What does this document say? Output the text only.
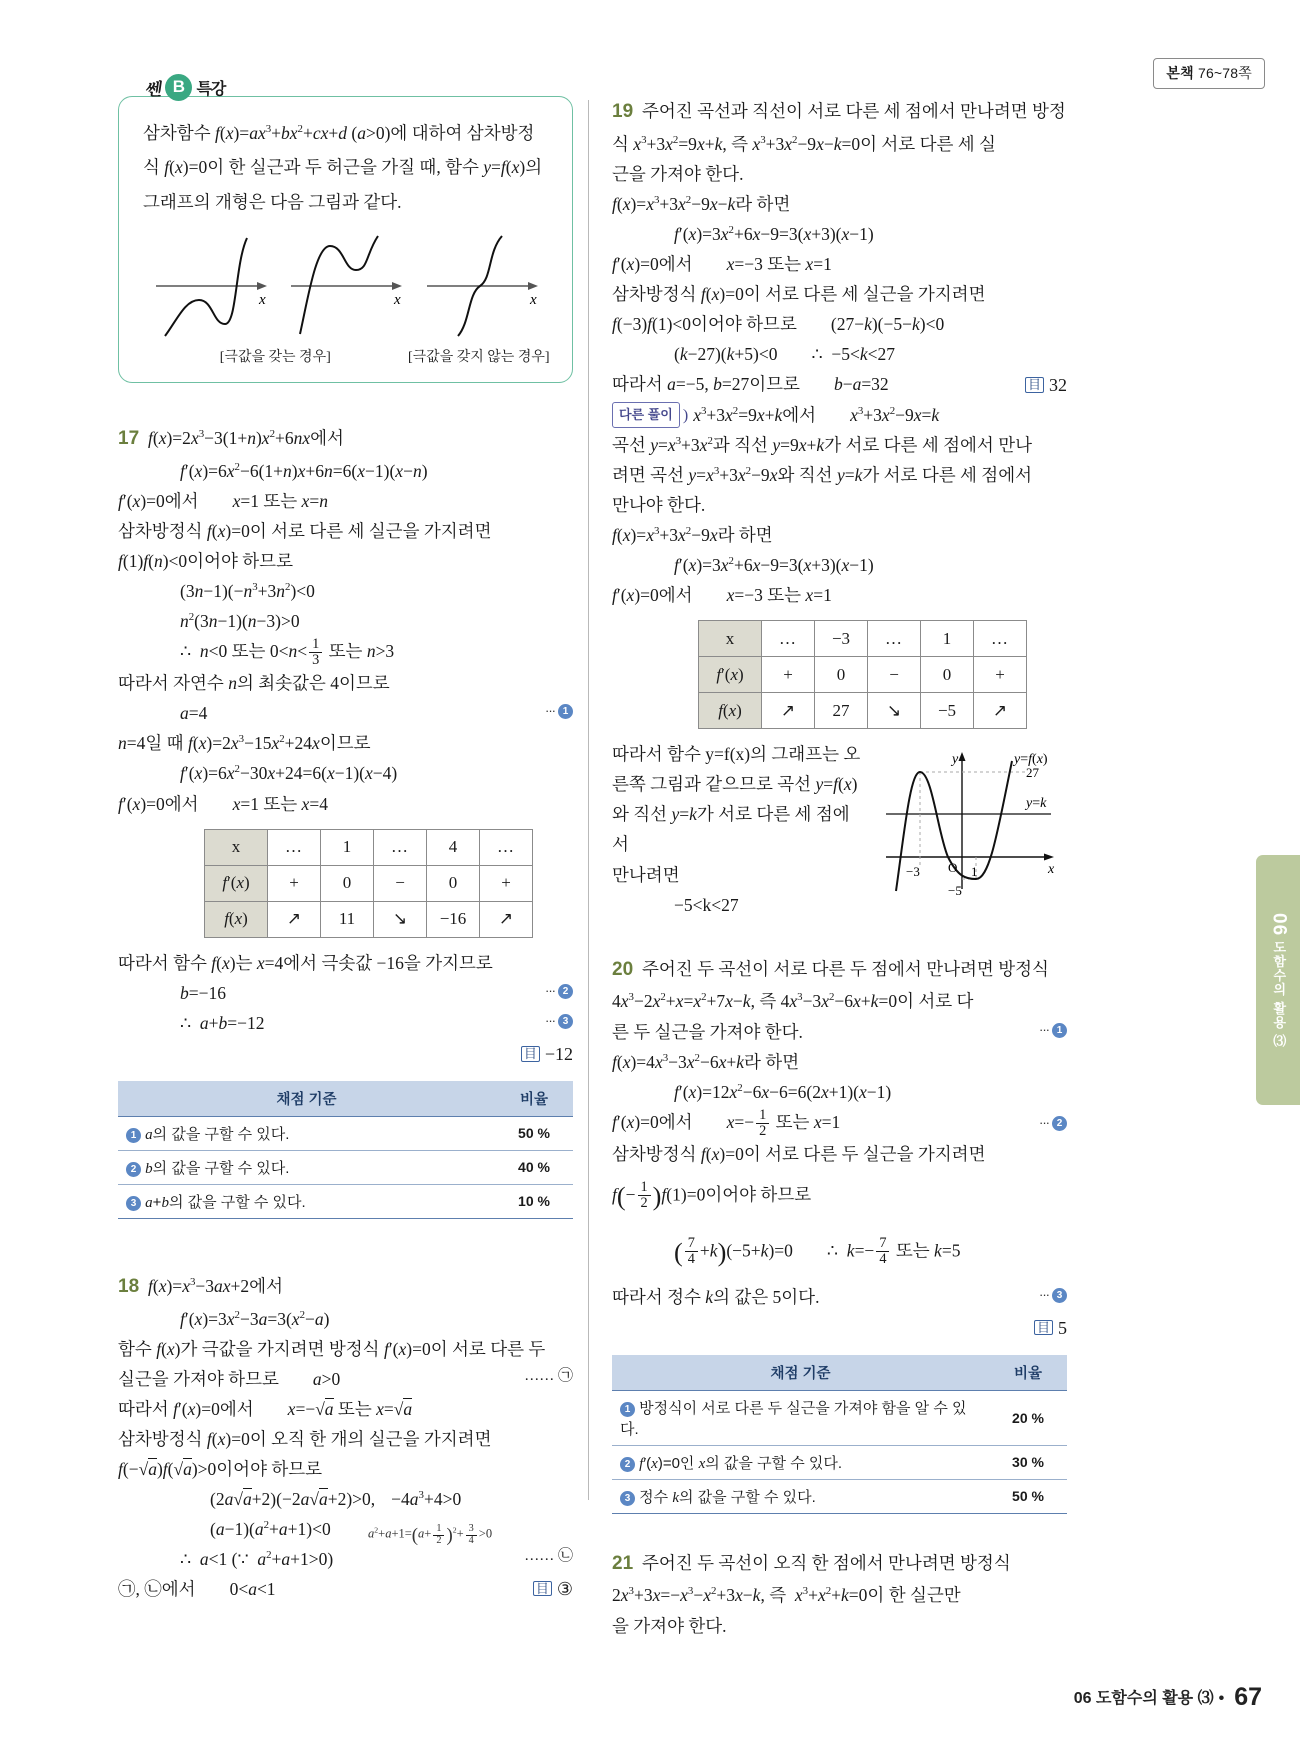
본책 76~78쪽
쎈 B 특강

삼차함수 $f(x)=ax^3+bx^2+cx+d$ (a>0)에 대하여 삼차방정

식 f(x)=0이 한 실근과 두 허근을 가질 때, 함수 y=f(x)의

그래프의 개형은 다음 그림과 같다.

x	x	x
[극값을 갖는 경우]	[극값을 갖지 않는 경우]

17 $f(x)=2x^3-3(1+n)x^2+6nx$에서

$f'(x)=6x^2-6(1+n)x+6n=6(x-1)(x-n)$

f′(x)=0에서 x=1 또는 x=n

삼차방정식 f(x)=0이 서로 다른 세 실근을 가지려면

f(1)f(n)<0이어야 하므로

$(3n-1)(-n^3+3n^2)<0$

$n^2(3n-1)(n-3)>0$

∴  n<0 또는 $0<n< \frac{1}{3}$ 또는 n>3

따라서 자연수 n의 최솟값은 4이므로

a=4	··· 1

n=4일 때 $f(x)=2x^3-15x^2+24x$이므로

$f'(x)=6x^2-30x+24=6(x-1)(x-4)$

f′(x)=0에서 x=1 또는 x=4

x	…	1	…	4	…
f′(x)	+	0	−	0	+
f(x)	↗	11	↘	−16	↗

따라서 함수 f(x)는 x=4에서 극솟값 −16을 가지므로

b=−16	··· 2

∴  a+b=−12	··· 3

目 −12
채점 기준	비율
1 a의 값을 구할 수 있다.	50 %
2 b의 값을 구할 수 있다.	40 %
3 a+b의 값을 구할 수 있다.	10 %

18 $f(x)=x^3-3ax+2$에서

$f'(x)=3x^2-3a=3(x^2-a)$

함수 f(x)가 극값을 가지려면 방정식 f′(x)=0이 서로 다른 두

실근을 가져야 하므로 a>0	…… ㉠

따라서 f′(x)=0에서 x=−√a 또는 x=√a

삼차방정식 f(x)=0이 오직 한 개의 실근을 가지려면

f(−√a)f(√a)>0이어야 하므로

(2a√a+2)(−2a√a+2)>0, $-4a^3+4>0$

$(a-1)(a^2+a+1)<0$	$a^2+a+1=(a+ \frac{1}{2} )^2+ \frac{3}{4} >0$

∴  a<1 (∵  $a^2+a+1>0$)	…… ㉡

㉠, ㉡에서 0<a<1	目 ③

19 주어진 곡선과 직선이 서로 다른 세 점에서 만나려면 방정

식 $x^3+3x^2=9x+k$, 즉 $x^3+3x^2-9x-k=0$이 서로 다른 세 실

근을 가져야 한다.

$f(x)=x^3+3x^2-9x-k$라 하면

$f'(x)=3x^2+6x-9=3(x+3)(x-1)$

f′(x)=0에서 x=−3 또는 x=1

삼차방정식 f(x)=0이 서로 다른 세 실근을 가지려면

f(−3)f(1)<0이어야 하므로 (27−k)(−5−k)<0

(k−27)(k+5)<0 ∴  −5<k<27

따라서 a=−5, b=27이므로 b−a=32	目 32

다른 풀이 ) $x^3+3x^2=9x+k$에서 $x^3+3x^2-9x=k$

곡선 $y=x^3+3x^2$과 직선 y=9x+k가 서로 다른 세 점에서 만나

려면 곡선 $y=x^3+3x^2-9x$와 직선 y=k가 서로 다른 세 점에서

만나야 한다.

$f(x)=x^3+3x^2-9x$라 하면

$f'(x)=3x^2+6x-9=3(x+3)(x-1)$

f′(x)=0에서 x=−3 또는 x=1

x	…	−3	…	1	…
f′(x)	+	0	−	0	+
f(x)	↗	27	↘	−5	↗

따라서 함수 y=f(x)의 그래프는 오

른쪽 그림과 같으므로 곡선 y=f(x)

와 직선 y=k가 서로 다른 세 점에서

만나려면

−5<k<27

y
x
y=f(x)
y=k
27
−3	1
O
−5

20 주어진 두 곡선이 서로 다른 두 점에서 만나려면 방정식

$4x^3-2x^2+x=x^2+7x-k$, 즉 $4x^3-3x^2-6x+k=0$이 서로 다

른 두 실근을 가져야 한다.	··· 1

$f(x)=4x^3-3x^2-6x+k$라 하면

$f'(x)=12x^2-6x-6=6(2x+1)(x-1)$

f′(x)=0에서 $x=- \frac{1}{2}$ 또는 x=1	··· 2

삼차방정식 f(x)=0이 서로 다른 두 실근을 가지려면

$f(- \frac{1}{2} )f(1)=0$이어야 하므로

( $\frac{7}{4} +k)(-5+k)=0$ ∴  $k=- \frac{7}{4}$ 또는 k=5

따라서 정수 k의 값은 5이다.	··· 3

目 5
채점 기준	비율
1 방정식이 서로 다른 두 실근을 가져야 함을 알 수 있다.	20 %
2 f′(x)=0인 x의 값을 구할 수 있다.	30 %
3 정수 k의 값을 구할 수 있다.	50 %

21 주어진 두 곡선이 오직 한 점에서 만나려면 방정식

$2x^3+3x=-x^3-x^2+3x-k$, 즉  $x^3+x^2+k=0$이 한 실근만

을 가져야 한다.

06 도함수의 활용 ⑶
06 도함수의 활용 ⑶ • 67
